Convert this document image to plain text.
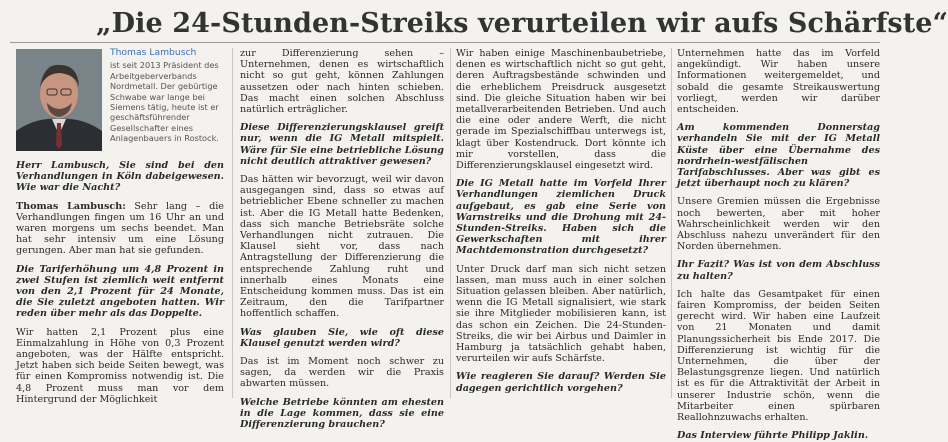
„Die 24-Stunden-Streiks verurteilen wir aufs Schärfste“
Thomas Lambusch
ist seit 2013 Präsident des Arbeitgeberverbands Nordmetall. Der gebürtige Schwabe war lange bei Siemens tätig, heute ist er geschäftsführender Gesellschafter eines Anlagenbauers in Rostock.

Herr Lambusch, Sie sind bei den Verhandlungen in Köln dabeigewesen. Wie war die Nacht?

Thomas Lambusch: Sehr lang – die Verhandlungen fingen um 16 Uhr an und waren morgens um sechs beendet. Man hat sehr intensiv um eine Lösung gerungen. Aber man hat sie gefunden.

Die Tariferhöhung um 4,8 Prozent in zwei Stufen ist ziemlich weit entfernt von den 2,1 Prozent für 24 Monate, die Sie zuletzt angeboten hatten. Wir reden über mehr als das Doppelte.

Wir hatten 2,1 Prozent plus eine Einmalzahlung in Höhe von 0,3 Prozent angeboten, was der Hälfte entspricht. Jetzt haben sich beide Seiten bewegt, was für einen Kompromiss notwendig ist. Die 4,8 Prozent muss man vor dem Hintergrund der Möglichkeit

zur Differenzierung sehen – Unternehmen, denen es wirtschaftlich nicht so gut geht, können Zahlungen aussetzen oder nach hinten schieben. Das macht einen solchen Abschluss natürlich erträglicher.

Diese Differenzierungsklausel greift nur, wenn die IG Metall mitspielt. Wäre für Sie eine betriebliche Lösung nicht deutlich attraktiver gewesen?

Das hätten wir bevorzugt, weil wir davon ausgegangen sind, dass so etwas auf betrieblicher Ebene schneller zu machen ist. Aber die IG Metall hatte Bedenken, dass sich manche Betriebsräte solche Verhandlungen nicht zutrauen. Die Klausel sieht vor, dass nach Antragstellung der Differenzierung die entsprechende Zahlung ruht und innerhalb eines Monats eine Entscheidung kommen muss. Das ist ein Zeitraum, den die Tarifpartner hoffentlich schaffen.

Was glauben Sie, wie oft diese Klausel genutzt werden wird?

Das ist im Moment noch schwer zu sagen, da werden wir die Praxis abwarten müssen.

Welche Betriebe könnten am ehesten in die Lage kommen, dass sie eine Differenzierung brauchen?

Wir haben einige Maschinenbaubetriebe, denen es wirtschaftlich nicht so gut geht, deren Auftragsbestände schwinden und die erheblichem Preisdruck ausgesetzt sind. Die gleiche Situation haben wir bei metallverarbeitenden Betrieben. Und auch die eine oder andere Werft, die nicht gerade im Spezialschiffbau unterwegs ist, klagt über Kostendruck. Dort könnte ich mir vorstellen, dass die Differenzierungsklausel eingesetzt wird.

Die IG Metall hatte im Vorfeld Ihrer Verhandlungen ziemlichen Druck aufgebaut, es gab eine Serie von Warnstreiks und die Drohung mit 24-Stunden-Streiks. Haben sich die Gewerkschaften mit ihrer Machtdemonstration durchgesetzt?

Unter Druck darf man sich nicht setzen lassen, man muss auch in einer solchen Situation gelassen bleiben. Aber natürlich, wenn die IG Metall signalisiert, wie stark sie ihre Mitglieder mobilisieren kann, ist das schon ein Zeichen. Die 24-Stunden-Streiks, die wir bei Airbus und Daimler in Hamburg ja tatsächlich gehabt haben, verurteilen wir aufs Schärfste.

Wie reagieren Sie darauf? Werden Sie dagegen gerichtlich vorgehen?

Unternehmen hatte das im Vorfeld angekündigt. Wir haben unsere Informationen weitergemeldet, und sobald die gesamte Streikauswertung vorliegt, werden wir darüber entscheiden.

Am kommenden Donnerstag verhandeln Sie mit der IG Metall Küste über eine Übernahme des nordrhein-westfälischen Tarifabschlusses. Aber was gibt es jetzt überhaupt noch zu klären?

Unsere Gremien müssen die Ergebnisse noch bewerten, aber mit hoher Wahrscheinlichkeit werden wir den Abschluss nahezu unverändert für den Norden übernehmen.

Ihr Fazit? Was ist von dem Abschluss zu halten?

Ich halte das Gesamtpaket für einen fairen Kompromiss, der beiden Seiten gerecht wird. Wir haben eine Laufzeit von 21 Monaten und damit Planungssicherheit bis Ende 2017. Die Differenzierung ist wichtig für die Unternehmen, die über der Belastungsgrenze liegen. Und natürlich ist es für die Attraktivität der Arbeit in unserer Industrie schön, wenn die Mitarbeiter einen spürbaren Reallohnzuwachs erhalten.

Das Interview führte Philipp Jaklin.
